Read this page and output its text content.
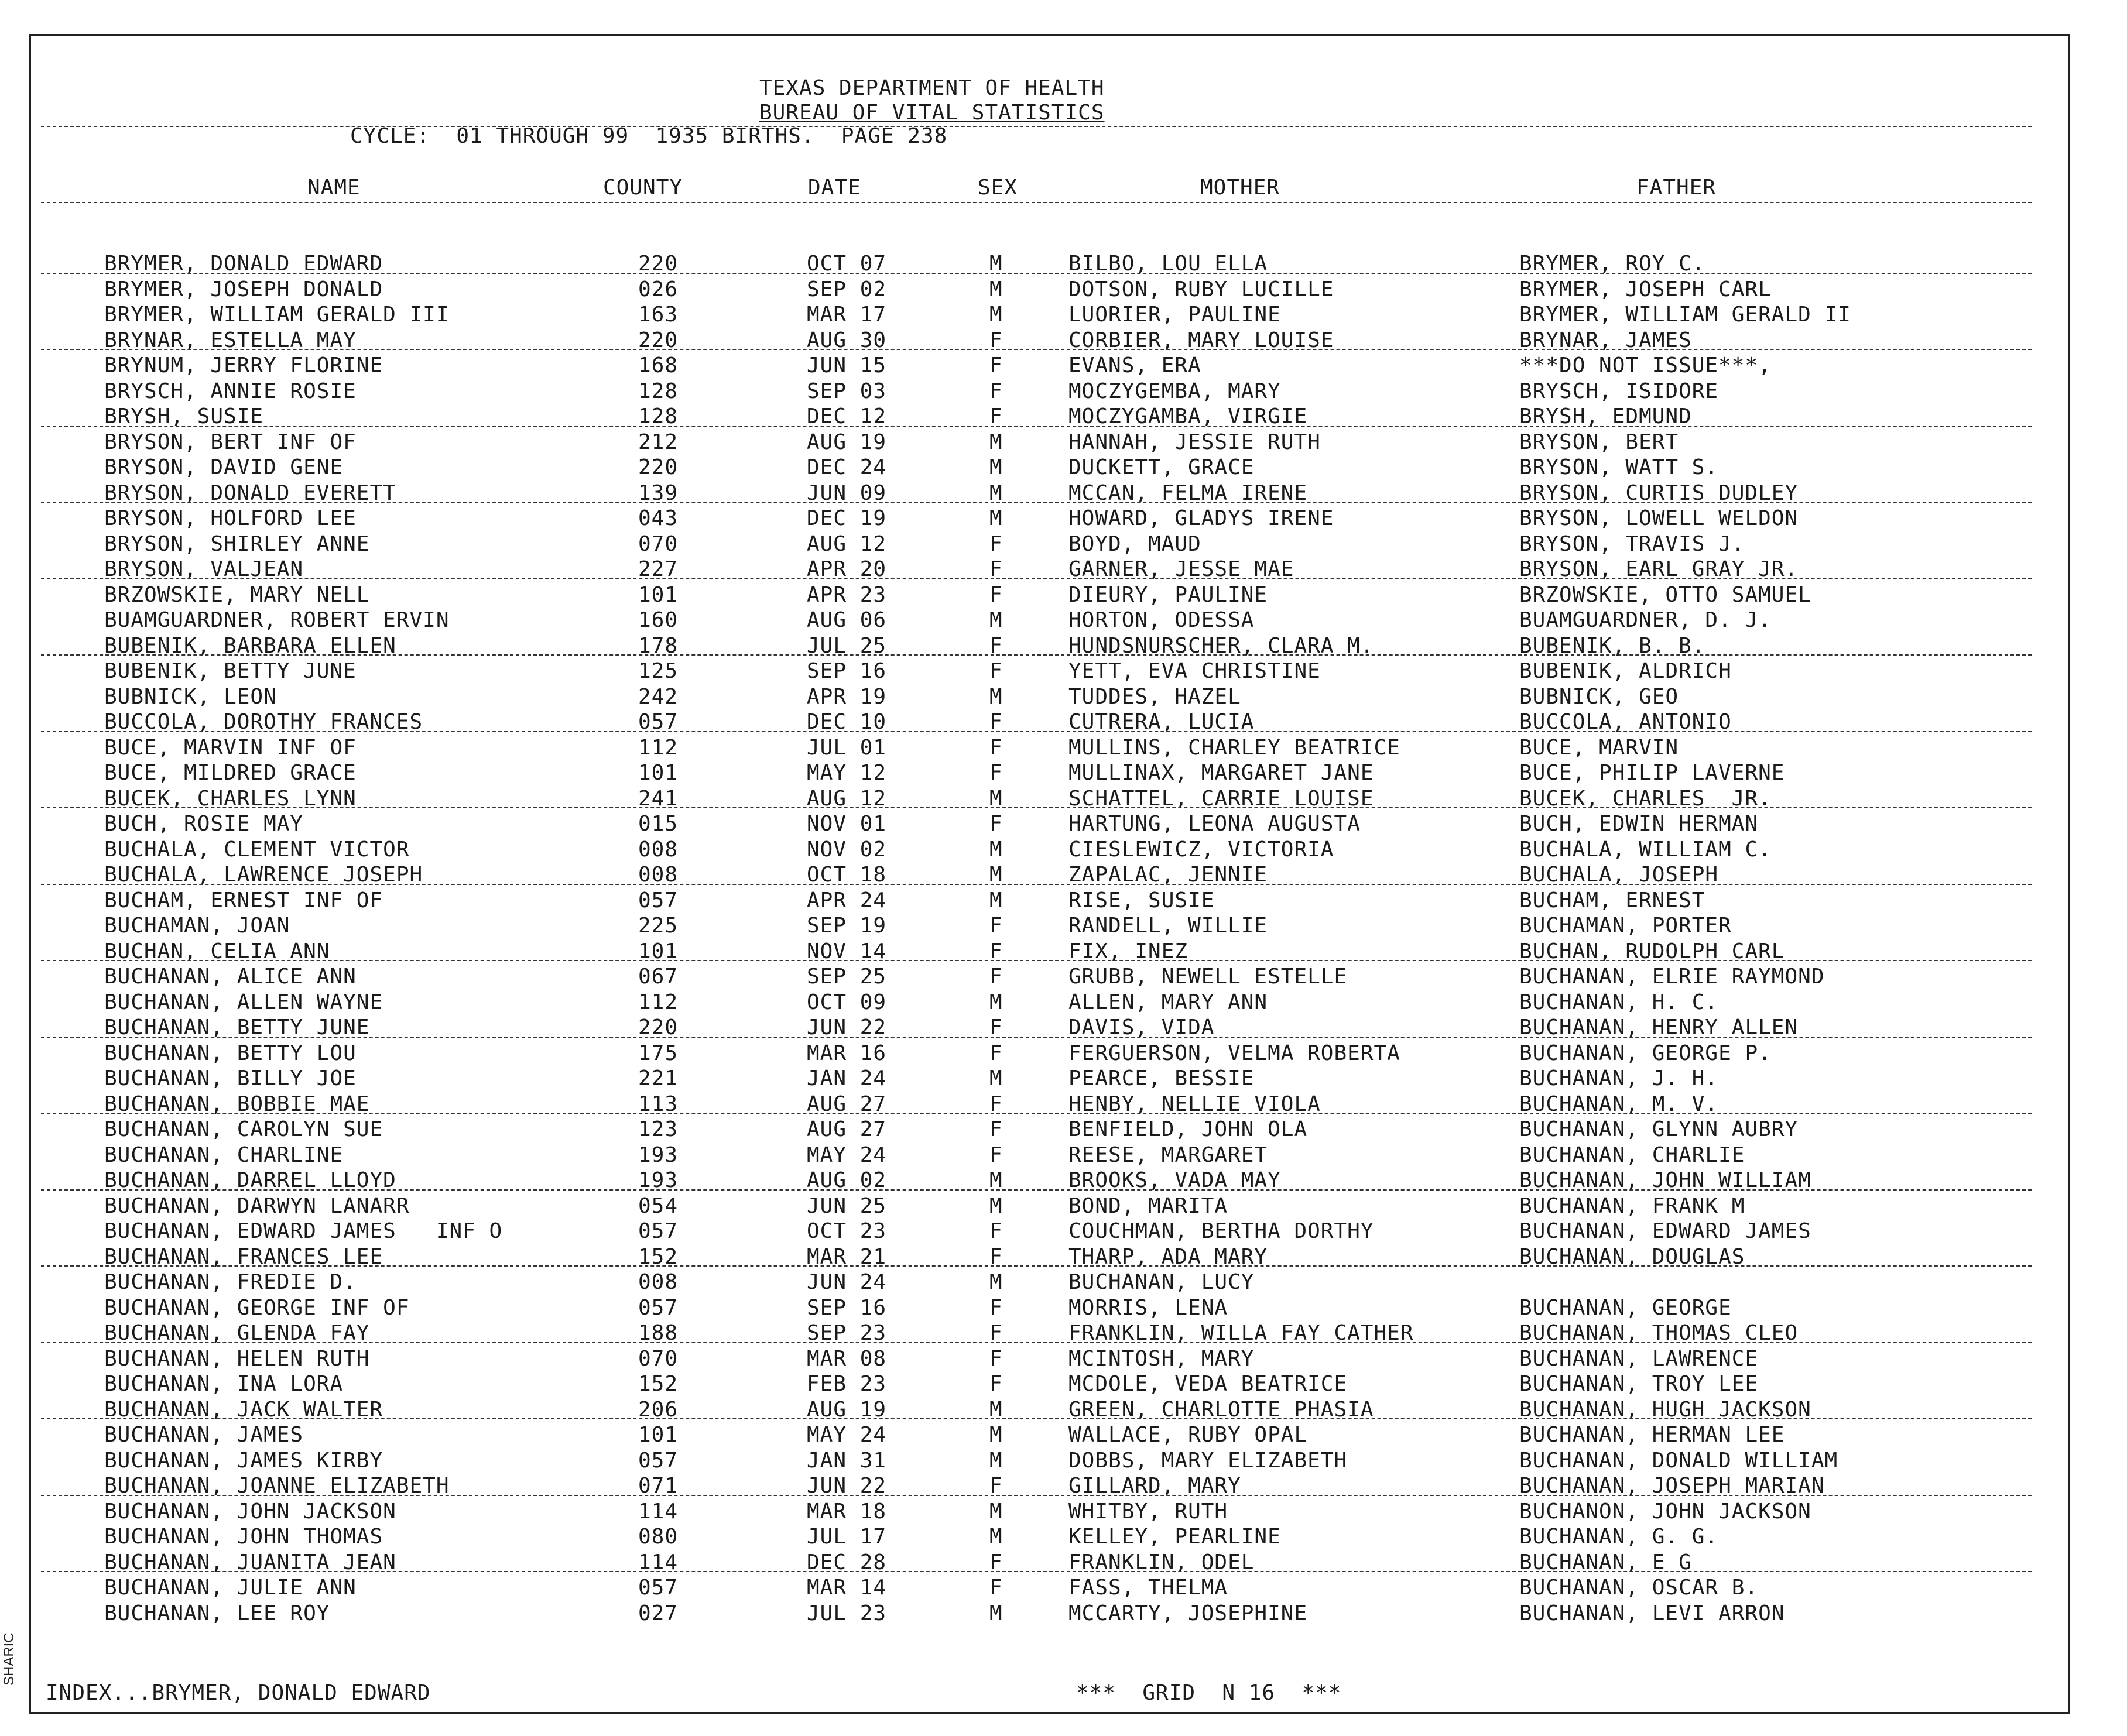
SHARIC
TEXAS DEPARTMENT OF HEALTH
BUREAU OF VITAL STATISTICS
CYCLE:  01 THROUGH 99  1935 BIRTHS.  PAGE 238
NAME	COUNTY	DATE	SEX	MOTHER	FATHER
BRYMER, DONALD EDWARD	220	OCT 07	M	BILBO, LOU ELLA	BRYMER, ROY C.
BRYMER, JOSEPH DONALD	026	SEP 02	M	DOTSON, RUBY LUCILLE	BRYMER, JOSEPH CARL
BRYMER, WILLIAM GERALD III	163	MAR 17	M	LUORIER, PAULINE	BRYMER, WILLIAM GERALD II
BRYNAR, ESTELLA MAY	220	AUG 30	F	CORBIER, MARY LOUISE	BRYNAR, JAMES
BRYNUM, JERRY FLORINE	168	JUN 15	F	EVANS, ERA	***DO NOT ISSUE***,
BRYSCH, ANNIE ROSIE	128	SEP 03	F	MOCZYGEMBA, MARY	BRYSCH, ISIDORE
BRYSH, SUSIE	128	DEC 12	F	MOCZYGAMBA, VIRGIE	BRYSH, EDMUND
BRYSON, BERT INF OF	212	AUG 19	M	HANNAH, JESSIE RUTH	BRYSON, BERT
BRYSON, DAVID GENE	220	DEC 24	M	DUCKETT, GRACE	BRYSON, WATT S.
BRYSON, DONALD EVERETT	139	JUN 09	M	MCCAN, FELMA IRENE	BRYSON, CURTIS DUDLEY
BRYSON, HOLFORD LEE	043	DEC 19	M	HOWARD, GLADYS IRENE	BRYSON, LOWELL WELDON
BRYSON, SHIRLEY ANNE	070	AUG 12	F	BOYD, MAUD	BRYSON, TRAVIS J.
BRYSON, VALJEAN	227	APR 20	F	GARNER, JESSE MAE	BRYSON, EARL GRAY JR.
BRZOWSKIE, MARY NELL	101	APR 23	F	DIEURY, PAULINE	BRZOWSKIE, OTTO SAMUEL
BUAMGUARDNER, ROBERT ERVIN	160	AUG 06	M	HORTON, ODESSA	BUAMGUARDNER, D. J.
BUBENIK, BARBARA ELLEN	178	JUL 25	F	HUNDSNURSCHER, CLARA M.	BUBENIK, B. B.
BUBENIK, BETTY JUNE	125	SEP 16	F	YETT, EVA CHRISTINE	BUBENIK, ALDRICH
BUBNICK, LEON	242	APR 19	M	TUDDES, HAZEL	BUBNICK, GEO
BUCCOLA, DOROTHY FRANCES	057	DEC 10	F	CUTRERA, LUCIA	BUCCOLA, ANTONIO
BUCE, MARVIN INF OF	112	JUL 01	F	MULLINS, CHARLEY BEATRICE	BUCE, MARVIN
BUCE, MILDRED GRACE	101	MAY 12	F	MULLINAX, MARGARET JANE	BUCE, PHILIP LAVERNE
BUCEK, CHARLES LYNN	241	AUG 12	M	SCHATTEL, CARRIE LOUISE	BUCEK, CHARLES  JR.
BUCH, ROSIE MAY	015	NOV 01	F	HARTUNG, LEONA AUGUSTA	BUCH, EDWIN HERMAN
BUCHALA, CLEMENT VICTOR	008	NOV 02	M	CIESLEWICZ, VICTORIA	BUCHALA, WILLIAM C.
BUCHALA, LAWRENCE JOSEPH	008	OCT 18	M	ZAPALAC, JENNIE	BUCHALA, JOSEPH
BUCHAM, ERNEST INF OF	057	APR 24	M	RISE, SUSIE	BUCHAM, ERNEST
BUCHAMAN, JOAN	225	SEP 19	F	RANDELL, WILLIE	BUCHAMAN, PORTER
BUCHAN, CELIA ANN	101	NOV 14	F	FIX, INEZ	BUCHAN, RUDOLPH CARL
BUCHANAN, ALICE ANN	067	SEP 25	F	GRUBB, NEWELL ESTELLE	BUCHANAN, ELRIE RAYMOND
BUCHANAN, ALLEN WAYNE	112	OCT 09	M	ALLEN, MARY ANN	BUCHANAN, H. C.
BUCHANAN, BETTY JUNE	220	JUN 22	F	DAVIS, VIDA	BUCHANAN, HENRY ALLEN
BUCHANAN, BETTY LOU	175	MAR 16	F	FERGUERSON, VELMA ROBERTA	BUCHANAN, GEORGE P.
BUCHANAN, BILLY JOE	221	JAN 24	M	PEARCE, BESSIE	BUCHANAN, J. H.
BUCHANAN, BOBBIE MAE	113	AUG 27	F	HENBY, NELLIE VIOLA	BUCHANAN, M. V.
BUCHANAN, CAROLYN SUE	123	AUG 27	F	BENFIELD, JOHN OLA	BUCHANAN, GLYNN AUBRY
BUCHANAN, CHARLINE	193	MAY 24	F	REESE, MARGARET	BUCHANAN, CHARLIE
BUCHANAN, DARREL LLOYD	193	AUG 02	M	BROOKS, VADA MAY	BUCHANAN, JOHN WILLIAM
BUCHANAN, DARWYN LANARR	054	JUN 25	M	BOND, MARITA	BUCHANAN, FRANK M
BUCHANAN, EDWARD JAMES   INF O	057	OCT 23	F	COUCHMAN, BERTHA DORTHY	BUCHANAN, EDWARD JAMES
BUCHANAN, FRANCES LEE	152	MAR 21	F	THARP, ADA MARY	BUCHANAN, DOUGLAS
BUCHANAN, FREDIE D.	008	JUN 24	M	BUCHANAN, LUCY
BUCHANAN, GEORGE INF OF	057	SEP 16	F	MORRIS, LENA	BUCHANAN, GEORGE
BUCHANAN, GLENDA FAY	188	SEP 23	F	FRANKLIN, WILLA FAY CATHER	BUCHANAN, THOMAS CLEO
BUCHANAN, HELEN RUTH	070	MAR 08	F	MCINTOSH, MARY	BUCHANAN, LAWRENCE
BUCHANAN, INA LORA	152	FEB 23	F	MCDOLE, VEDA BEATRICE	BUCHANAN, TROY LEE
BUCHANAN, JACK WALTER	206	AUG 19	M	GREEN, CHARLOTTE PHASIA	BUCHANAN, HUGH JACKSON
BUCHANAN, JAMES	101	MAY 24	M	WALLACE, RUBY OPAL	BUCHANAN, HERMAN LEE
BUCHANAN, JAMES KIRBY	057	JAN 31	M	DOBBS, MARY ELIZABETH	BUCHANAN, DONALD WILLIAM
BUCHANAN, JOANNE ELIZABETH	071	JUN 22	F	GILLARD, MARY	BUCHANAN, JOSEPH MARIAN
BUCHANAN, JOHN JACKSON	114	MAR 18	M	WHITBY, RUTH	BUCHANON, JOHN JACKSON
BUCHANAN, JOHN THOMAS	080	JUL 17	M	KELLEY, PEARLINE	BUCHANAN, G. G.
BUCHANAN, JUANITA JEAN	114	DEC 28	F	FRANKLIN, ODEL	BUCHANAN, E G
BUCHANAN, JULIE ANN	057	MAR 14	F	FASS, THELMA	BUCHANAN, OSCAR B.
BUCHANAN, LEE ROY	027	JUL 23	M	MCCARTY, JOSEPHINE	BUCHANAN, LEVI ARRON
INDEX...BRYMER, DONALD EDWARD	***  GRID  N 16  ***
